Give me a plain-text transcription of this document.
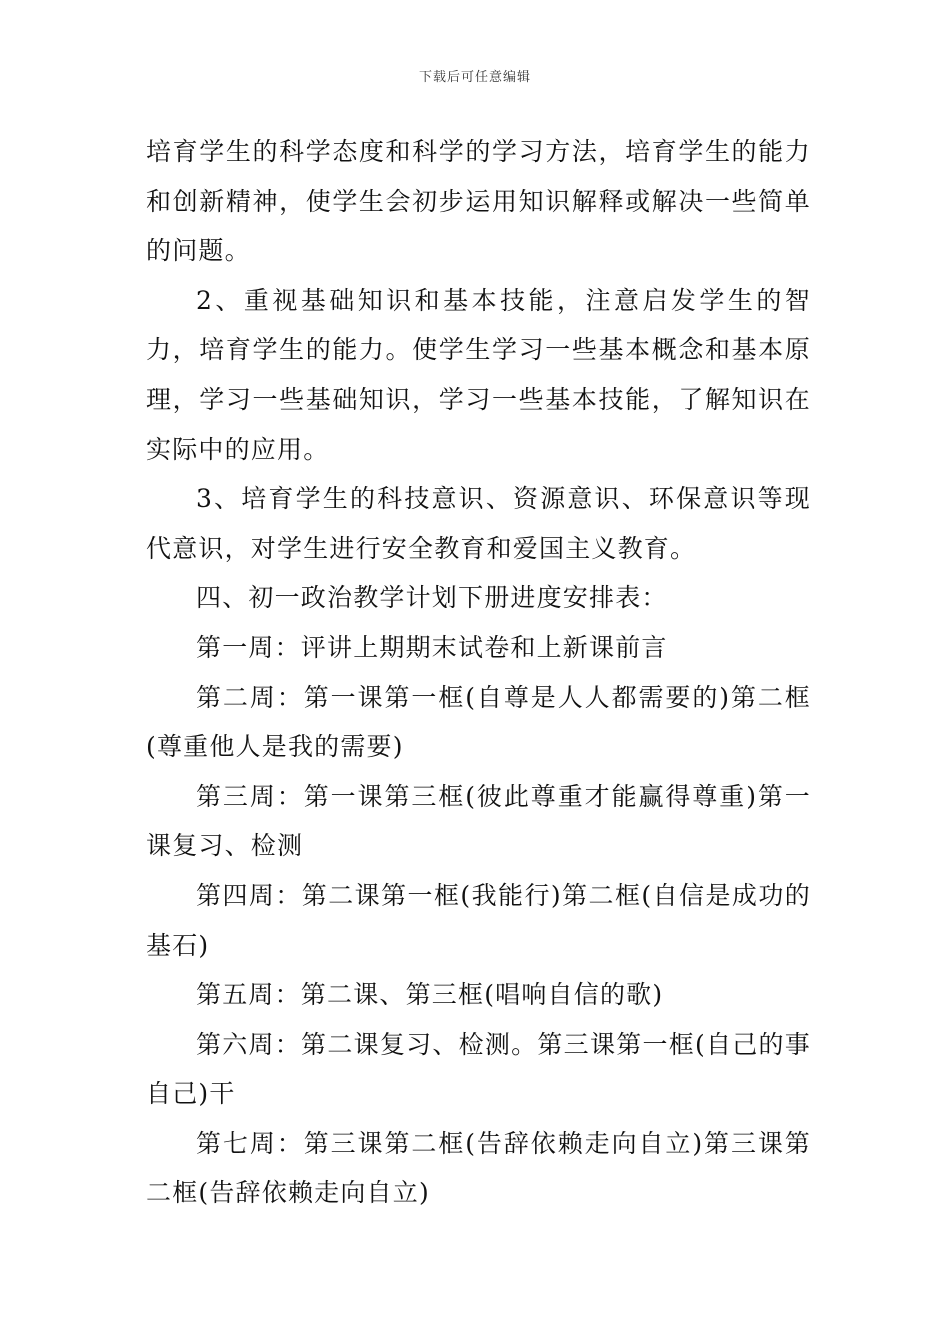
下载后可任意编辑

培育学生的科学态度和科学的学习方法，培育学生的能力和创新精神，使学生会初步运用知识解释或解决一些简单的问题。

2、重视基础知识和基本技能，注意启发学生的智力，培育学生的能力。使学生学习一些基本概念和基本原理，学习一些基础知识，学习一些基本技能，了解知识在实际中的应用。

3、培育学生的科技意识、资源意识、环保意识等现代意识，对学生进行安全教育和爱国主义教育。

四、初一政治教学计划下册进度安排表：

第一周：评讲上期期末试卷和上新课前言

第二周：第一课第一框(自尊是人人都需要的)第二框(尊重他人是我的需要)

第三周：第一课第三框(彼此尊重才能赢得尊重)第一课复习、检测

第四周：第二课第一框(我能行)第二框(自信是成功的基石)

第五周：第二课、第三框(唱响自信的歌)

第六周：第二课复习、检测。第三课第一框(自己的事自己)干

第七周：第三课第二框(告辞依赖走向自立)第三课第二框(告辞依赖走向自立)
